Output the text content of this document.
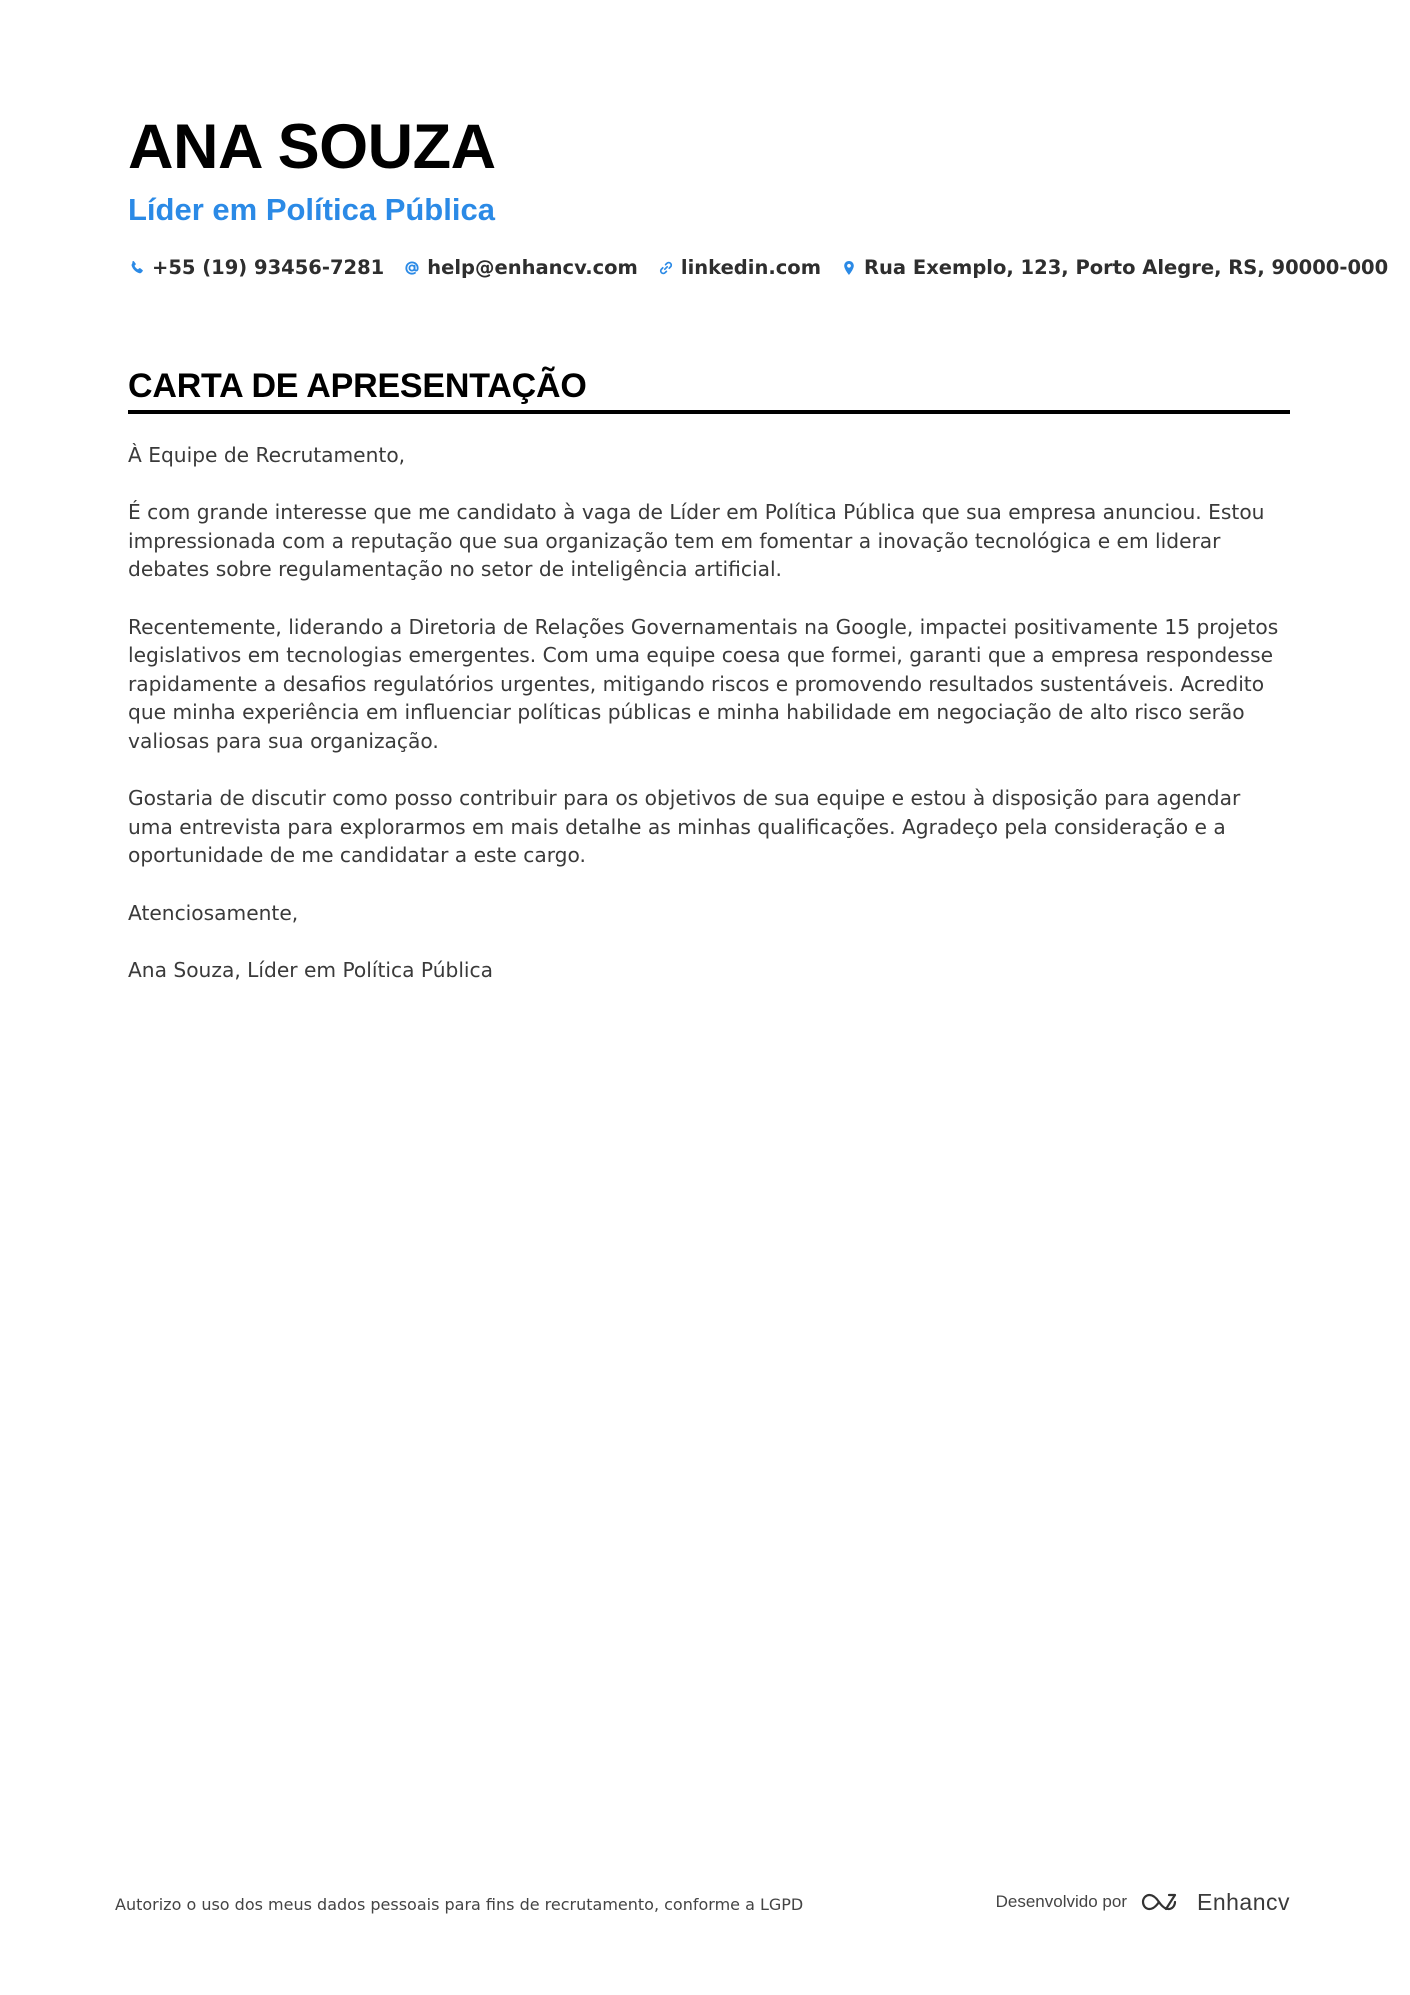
ANA SOUZA
Líder em Política Pública
+55 (19) 93456-7281 help@enhancv.com linkedin.com Rua Exemplo, 123, Porto Alegre, RS, 90000-000
CARTA DE APRESENTAÇÃO

À Equipe de Recrutamento,

É com grande interesse que me candidato à vaga de Líder em Política Pública que sua empresa anunciou. Estou impressionada com a reputação que sua organização tem em fomentar a inovação tecnológica e em liderar debates sobre regulamentação no setor de inteligência artificial.

Recentemente, liderando a Diretoria de Relações Governamentais na Google, impactei positivamente 15 projetos legislativos em tecnologias emergentes. Com uma equipe coesa que formei, garanti que a empresa respondesse rapidamente a desafios regulatórios urgentes, mitigando riscos e promovendo resultados sustentáveis. Acredito que minha experiência em influenciar políticas públicas e minha habilidade em negociação de alto risco serão valiosas para sua organização.

Gostaria de discutir como posso contribuir para os objetivos de sua equipe e estou à disposição para agendar uma entrevista para explorarmos em mais detalhe as minhas qualificações. Agradeço pela consideração e a oportunidade de me candidatar a este cargo.

Atenciosamente,

Ana Souza, Líder em Política Pública

Autorizo o uso dos meus dados pessoais para fins de recrutamento, conforme a LGPD	Desenvolvido por	Enhancv
